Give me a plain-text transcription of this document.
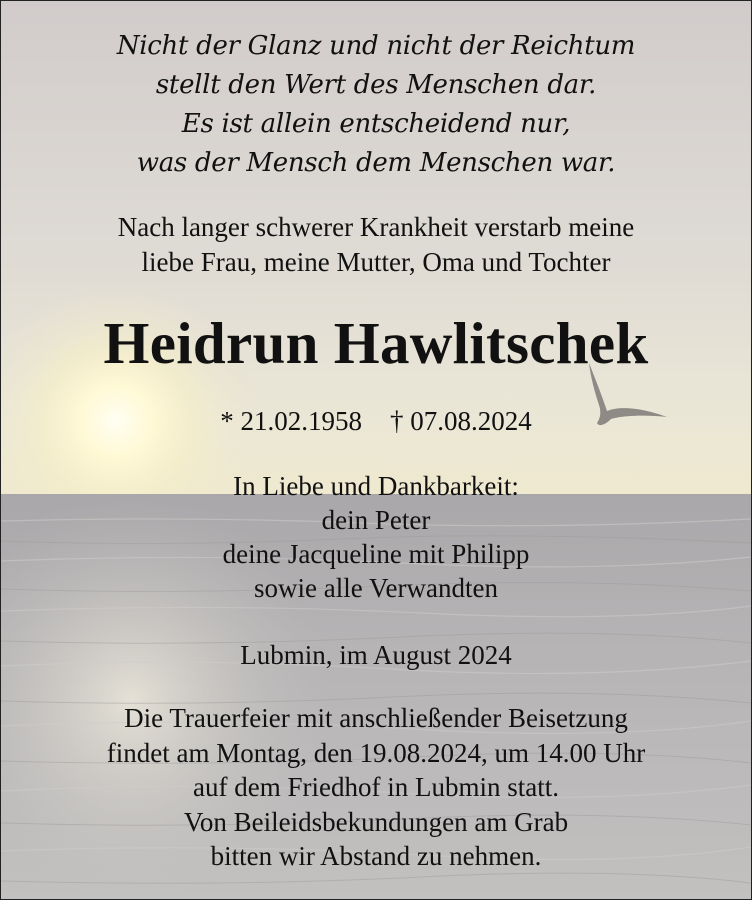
Nicht der Glanz und nicht der Reichtum
stellt den Wert des Menschen dar.
Es ist allein entscheidend nur,
was der Mensch dem Menschen war.
Nach langer schwerer Krankheit verstarb meine
liebe Frau, meine Mutter, Oma und Tochter
Heidrun Hawlitschek
* 21.02.1958 † 07.08.2024
In Liebe und Dankbarkeit:
dein Peter
deine Jacqueline mit Philipp
sowie alle Verwandten
Lubmin, im August 2024
Die Trauerfeier mit anschließender Beisetzung
findet am Montag, den 19.08.2024, um 14.00 Uhr
auf dem Friedhof in Lubmin statt.
Von Beileidsbekundungen am Grab
bitten wir Abstand zu nehmen.
